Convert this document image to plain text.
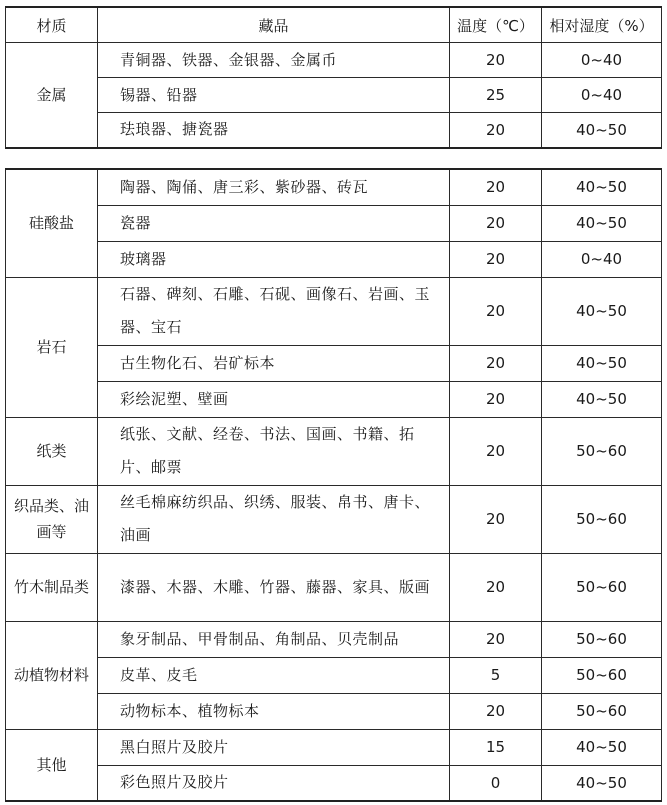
材质	藏品	温度（℃）	相对湿度（%）
金属	青铜器、铁器、金银器、金属币	20	0~40
	锡器、铅器	25	0~40
	珐琅器、搪瓷器	20	40~50
硅酸盐	陶器、陶俑、唐三彩、紫砂器、砖瓦	20	40~50
	瓷器	20	40~50
	玻璃器	20	0~40
岩石	石器、碑刻、石雕、石砚、画像石、岩画、玉器、宝石	20	40~50
	古生物化石、岩矿标本	20	40~50
	彩绘泥塑、壁画	20	40~50
纸类	纸张、文献、经卷、书法、国画、书籍、拓片、邮票	20	50~60
织品类、油画等	丝毛棉麻纺织品、织绣、服装、帛书、唐卡、油画	20	50~60
竹木制品类	漆器、木器、木雕、竹器、藤器、家具、版画	20	50~60
动植物材料	象牙制品、甲骨制品、角制品、贝壳制品	20	50~60
	皮革、皮毛	5	50~60
	动物标本、植物标本	20	50~60
其他	黑白照片及胶片	15	40~50
	彩色照片及胶片	0	40~50
